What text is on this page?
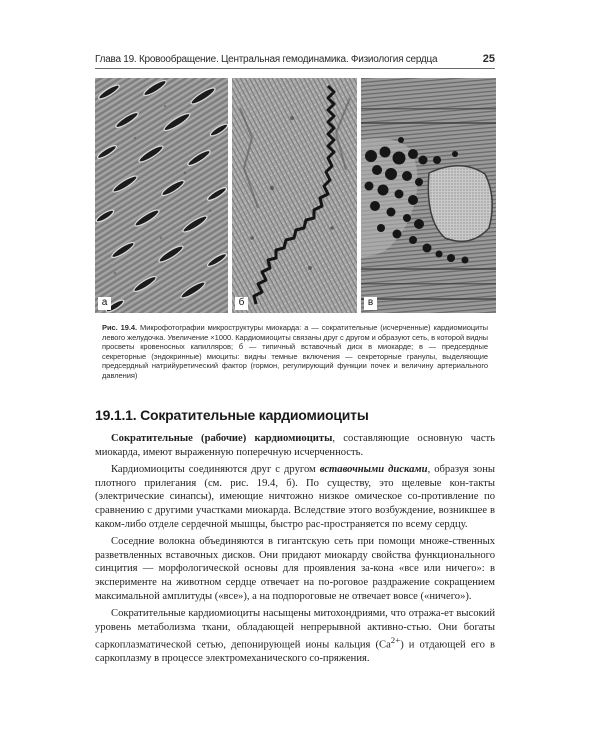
Глава 19. Кровообращение. Центральная гемодинамика. Физиология сердца	25
а	б	в
Рис. 19.4. Микрофотографии микроструктуры миокарда: а — сократительные (исчерченные) кардиомиоциты левого желудочка. Увеличение ×1000. Кардиомиоциты связаны друг с другом и образуют сеть, в которой видны просветы кровеносных капилляров; б — типичный вставочный диск в миокарде; в — предсердные секреторные (эндокринные) миоциты: видны темные включения — секреторные гранулы, выделяющие предсердный натрийуретический фактор (гормон, регулирующий функции почек и величину артериального давления)
19.1.1. Сократительные кардиомиоциты

Сократительные (рабочие) кардиомиоциты, составляющие основную часть миокарда, имеют выраженную поперечную исчерченность.

Кардиомиоциты соединяются друг с другом вставочными дисками, образуя зоны плотного прилегания (см. рис. 19.4, б). По существу, это щелевые кон-такты (электрические синапсы), имеющие ничтожно низкое омическое со-противление по сравнению с другими участками миокарда. Вследствие этого возбуждение, возникшее в каком-либо отделе сердечной мышцы, быстро рас-пространяется по всему сердцу.

Соседние волокна объединяются в гигантскую сеть при помощи множе-ственных разветвленных вставочных дисков. Они придают миокарду свойства функционального синцития — морфологической основы для проявления за-кона «все или ничего»: в эксперименте на животном сердце отвечает на по-роговое раздражение сокращением максимальной амплитуды («все»), а на подпороговые не отвечает вовсе («ничего»).

Сократительные кардиомиоциты насыщены митохондриями, что отража-ет высокий уровень метаболизма ткани, обладающей непрерывной активно-стью. Они богаты саркоплазматической сетью, депонирующей ионы кальция $(Ca^{2+})$ и отдающей его в саркоплазму в процессе электромеханического со-пряжения.
